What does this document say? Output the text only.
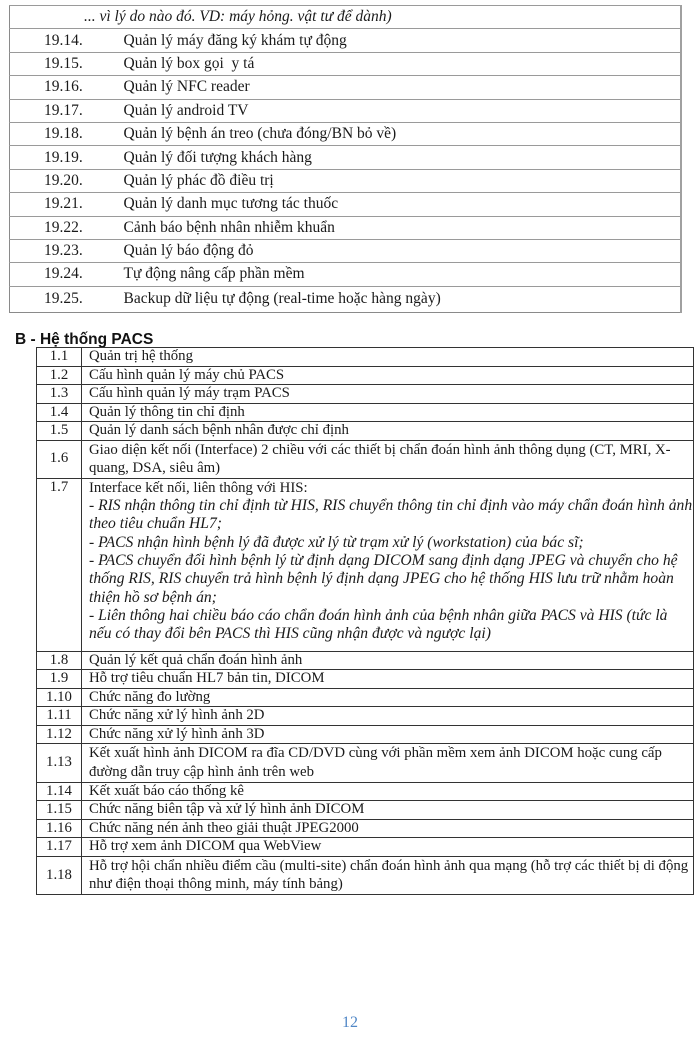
... vì lý do nào đó. VD: máy hỏng. vật tư để dành)	
19.14.	Quản lý máy đăng ký khám tự động
19.15.	Quản lý box gọi  y tá
19.16.	Quản lý NFC reader
19.17.	Quản lý android TV
19.18.	Quản lý bệnh án treo (chưa đóng/BN bỏ về)
19.19.	Quản lý đối tượng khách hàng
19.20.	Quản lý phác đồ điều trị
19.21.	Quản lý danh mục tương tác thuốc
19.22.	Cảnh báo bệnh nhân nhiễm khuẩn
19.23.	Quản lý báo động đỏ
19.24.	Tự động nâng cấp phần mềm
19.25.	Backup dữ liệu tự động (real-time hoặc hàng ngày)
B - Hệ thống PACS
1.1	Quản trị hệ thống
1.2	Cấu hình quản lý máy chủ PACS
1.3	Cấu hình quản lý máy trạm PACS
1.4	Quản lý thông tin chỉ định
1.5	Quản lý danh sách bệnh nhân được chỉ định
1.6	Giao diện kết nối (Interface) 2 chiều với các thiết bị chẩn đoán hình ảnh thông dụng (CT, MRI, X-quang, DSA, siêu âm)
1.7	Interface kết nối, liên thông với HIS:
- RIS nhận thông tin chỉ định từ HIS, RIS chuyển thông tin chỉ định vào máy chẩn đoán hình ảnh theo tiêu chuẩn HL7;
- PACS nhận hình bệnh lý đã được xử lý từ trạm xử lý (workstation) của bác sĩ;
- PACS chuyển đổi hình bệnh lý từ định dạng DICOM sang định dạng JPEG và chuyển cho hệ thống RIS, RIS chuyển trả hình bệnh lý định dạng JPEG cho hệ thống HIS lưu trữ nhằm hoàn thiện hồ sơ bệnh án;
- Liên thông hai chiều báo cáo chẩn đoán hình ảnh của bệnh nhân giữa PACS và HIS (tức là nếu có thay đổi bên PACS thì HIS cũng nhận được và ngược lại)

1.8	Quản lý kết quả chẩn đoán hình ảnh
1.9	Hỗ trợ tiêu chuẩn HL7 bản tin, DICOM
1.10	Chức năng đo lường
1.11	Chức năng xử lý hình ảnh 2D
1.12	Chức năng xử lý hình ảnh 3D
1.13	Kết xuất hình ảnh DICOM ra đĩa CD/DVD cùng với phần mềm xem ảnh DICOM hoặc cung cấp đường dẫn truy cập hình ảnh trên web
1.14	Kết xuất báo cáo thống kê
1.15	Chức năng biên tập và xử lý hình ảnh DICOM
1.16	Chức năng nén ảnh theo giải thuật JPEG2000
1.17	Hỗ trợ xem ảnh DICOM qua WebView
1.18	Hỗ trợ hội chẩn nhiều điểm cầu (multi-site) chẩn đoán hình ảnh qua mạng (hỗ trợ các thiết bị di động như điện thoại thông minh, máy tính bảng)
12
